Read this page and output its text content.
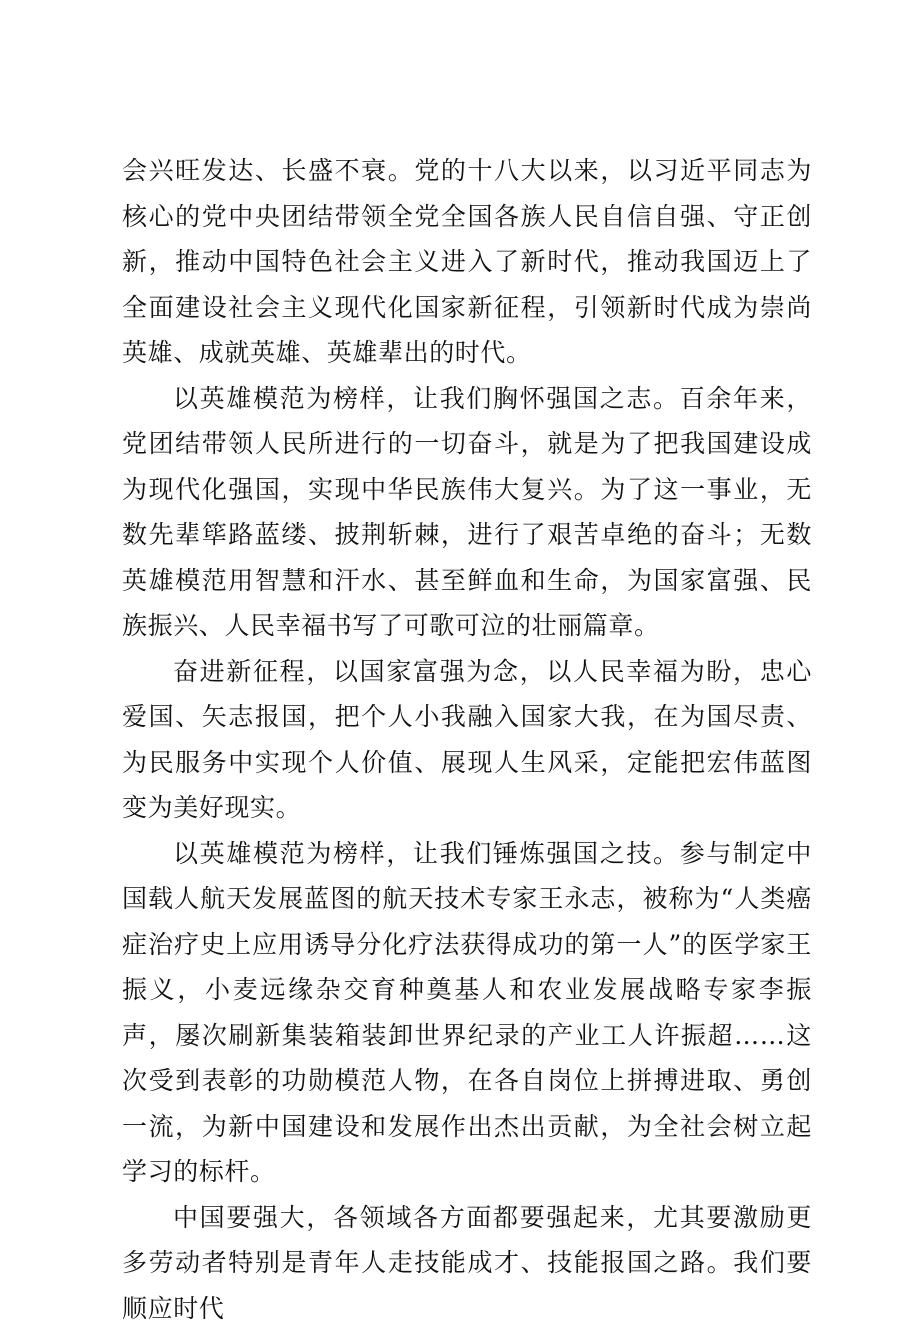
会兴旺发达、长盛不衰。党的十八大以来，以习近平同志为核心的党中央团结带领全党全国各族人民自信自强、守正创新，推动中国特色社会主义进入了新时代，推动我国迈上了全面建设社会主义现代化国家新征程，引领新时代成为崇尚英雄、成就英雄、英雄辈出的时代。

以英雄模范为榜样，让我们胸怀强国之志。百余年来，党团结带领人民所进行的一切奋斗，就是为了把我国建设成为现代化强国，实现中华民族伟大复兴。为了这一事业，无数先辈筚路蓝缕、披荆斩棘，进行了艰苦卓绝的奋斗；无数英雄模范用智慧和汗水、甚至鲜血和生命，为国家富强、民族振兴、人民幸福书写了可歌可泣的壮丽篇章。

奋进新征程，以国家富强为念，以人民幸福为盼，忠心爱国、矢志报国，把个人小我融入国家大我，在为国尽责、为民服务中实现个人价值、展现人生风采，定能把宏伟蓝图变为美好现实。

以英雄模范为榜样，让我们锤炼强国之技。参与制定中国载人航天发展蓝图的航天技术专家王永志，被称为“人类癌症治疗史上应用诱导分化疗法获得成功的第一人”的医学家王振义，小麦远缘杂交育种奠基人和农业发展战略专家李振声，屡次刷新集装箱装卸世界纪录的产业工人许振超……这次受到表彰的功勋模范人物，在各自岗位上拼搏进取、勇创一流，为新中国建设和发展作出杰出贡献，为全社会树立起学习的标杆。

中国要强大，各领域各方面都要强起来，尤其要激励更多劳动者特别是青年人走技能成才、技能报国之路。我们要顺应时代
